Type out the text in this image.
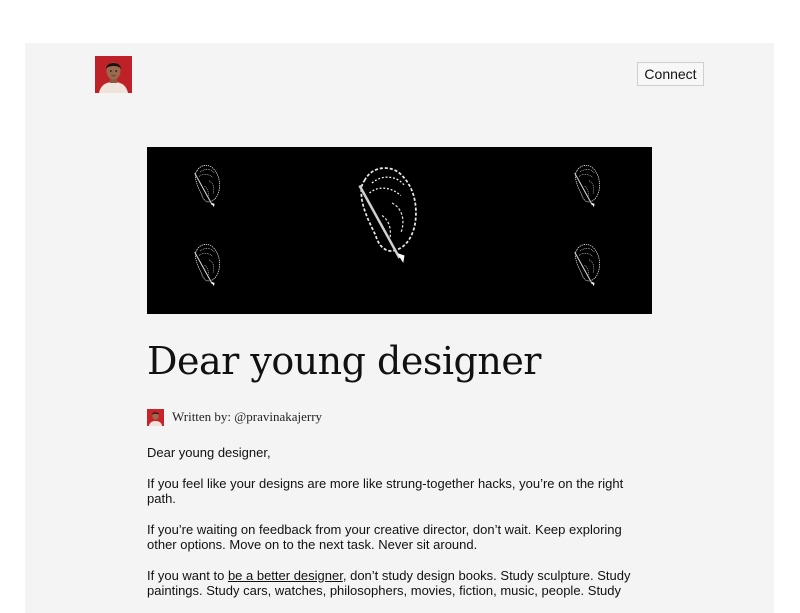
Connect
Dear young designer
Written by: @pravinakajerry

Dear young designer,

If you feel like your designs are more like strung-together hacks, you’re on the right path.

If you’re waiting on feedback from your creative director, don’t wait. Keep exploring other options. Move on to the next task. Never sit around.

If you want to be a better designer, don’t study design books. Study sculpture. Study paintings. Study cars, watches, philosophers, movies, fiction, music, people. Study
